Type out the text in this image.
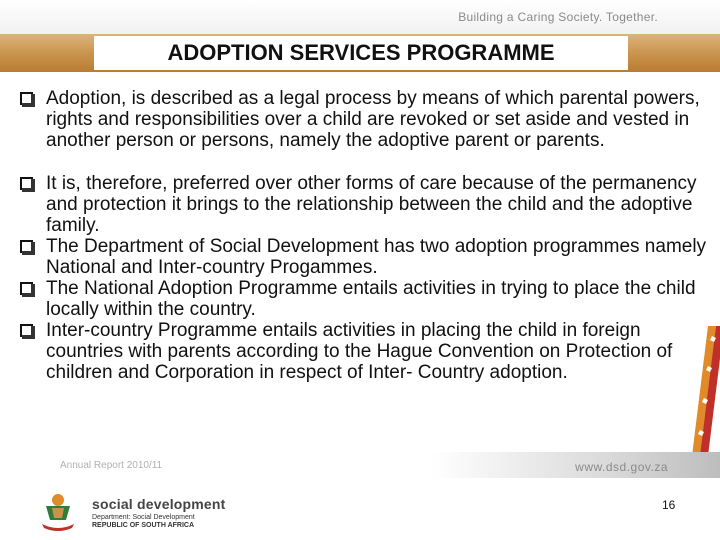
Building a Caring Society. Together.
ADOPTION SERVICES PROGRAMME

Adoption, is described as a legal process by means of which parental powers, rights and responsibilities over a child are revoked or set aside and vested in another person or persons, namely the adoptive parent or parents.

It is, therefore, preferred over other forms of care because of the permanency and protection it brings to the relationship between the child and the adoptive family.

The Department of Social Development has two adoption programmes namely National and Inter-country Progammes.

The National Adoption Programme entails activities in trying to place the child locally within the country.

Inter-country Programme entails activities in placing the child in foreign countries with parents according to the Hague Convention on Protection of children and Corporation in respect of Inter- Country adoption.

Annual Report 2010/11	www.dsd.gov.za
16
social development
Department: Social Development
REPUBLIC OF SOUTH AFRICA
